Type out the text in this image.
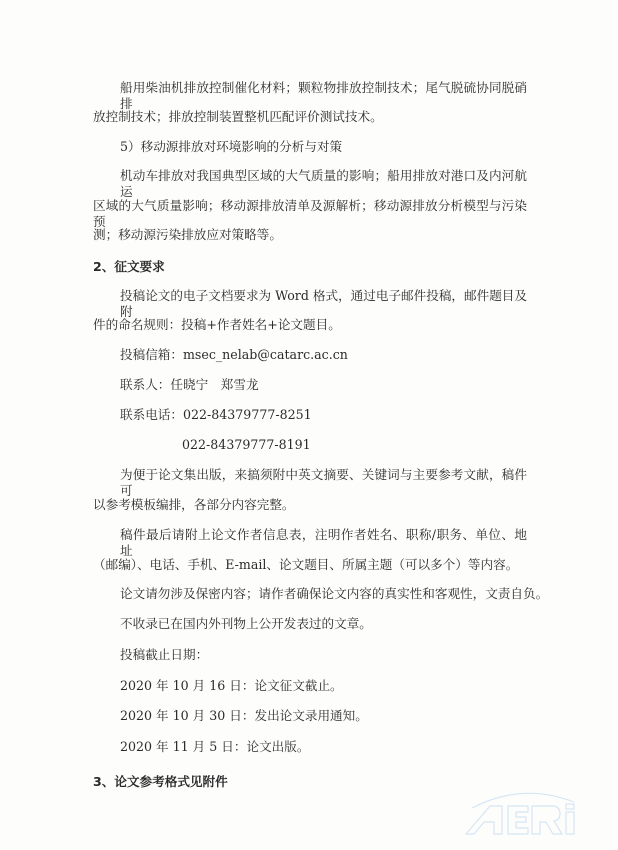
船用柴油机排放控制催化材料；颗粒物排放控制技术；尾气脱硫协同脱硝排
放控制技术；排放控制装置整机匹配评价测试技术。
5）移动源排放对环境影响的分析与对策
机动车排放对我国典型区域的大气质量的影响；船用排放对港口及内河航运
区域的大气质量影响；移动源排放清单及源解析；移动源排放分析模型与污染预
测；移动源污染排放应对策略等。
2、征文要求
投稿论文的电子文档要求为 Word 格式，通过电子邮件投稿，邮件题目及附
件的命名规则：投稿+作者姓名+论文题目。
投稿信箱：msec_nelab@catarc.ac.cn
联系人：任晓宁　郑雪龙
联系电话：022-84379777-8251
022-84379777-8191
为便于论文集出版，来搞须附中英文摘要、关键词与主要参考文献，稿件可
以参考模板编排，各部分内容完整。
稿件最后请附上论文作者信息表，注明作者姓名、职称/职务、单位、地址
（邮编）、电话、手机、E-mail、论文题目、所属主题（可以多个）等内容。
论文请勿涉及保密内容；请作者确保论文内容的真实性和客观性，文责自负。
不收录已在国内外刊物上公开发表过的文章。
投稿截止日期：
2020 年 10 月 16 日：论文征文截止。
2020 年 10 月 30 日：发出论文录用通知。
2020 年 11 月 5 日：论文出版。
3、论文参考格式见附件
